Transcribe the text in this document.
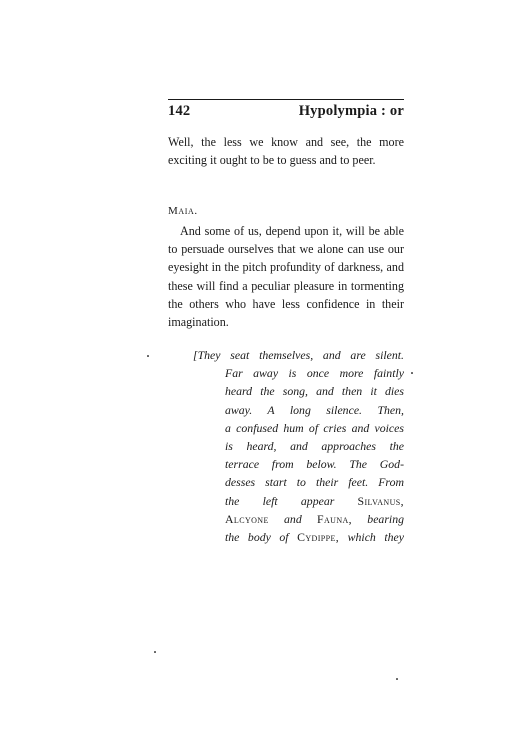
142	Hypolympia : or
Well, the less we know and see, the more exciting it ought to be to guess and to peer.
Maia.
And some of us, depend upon it, will be able to persuade ourselves that we alone can use our eyesight in the pitch profundity of darkness, and these will find a peculiar pleasure in tormenting the others who have less confidence in their imagination.
[They seat themselves, and are silent.
Far away is once more faintly
heard the song, and then it dies
away. A long silence. Then,
a confused hum of cries and voices
is heard, and approaches the
terrace from below. The God-
desses start to their feet. From
the left appear Silvanus,
Alcyone and Fauna, bearing
the body of Cydippe, which they
